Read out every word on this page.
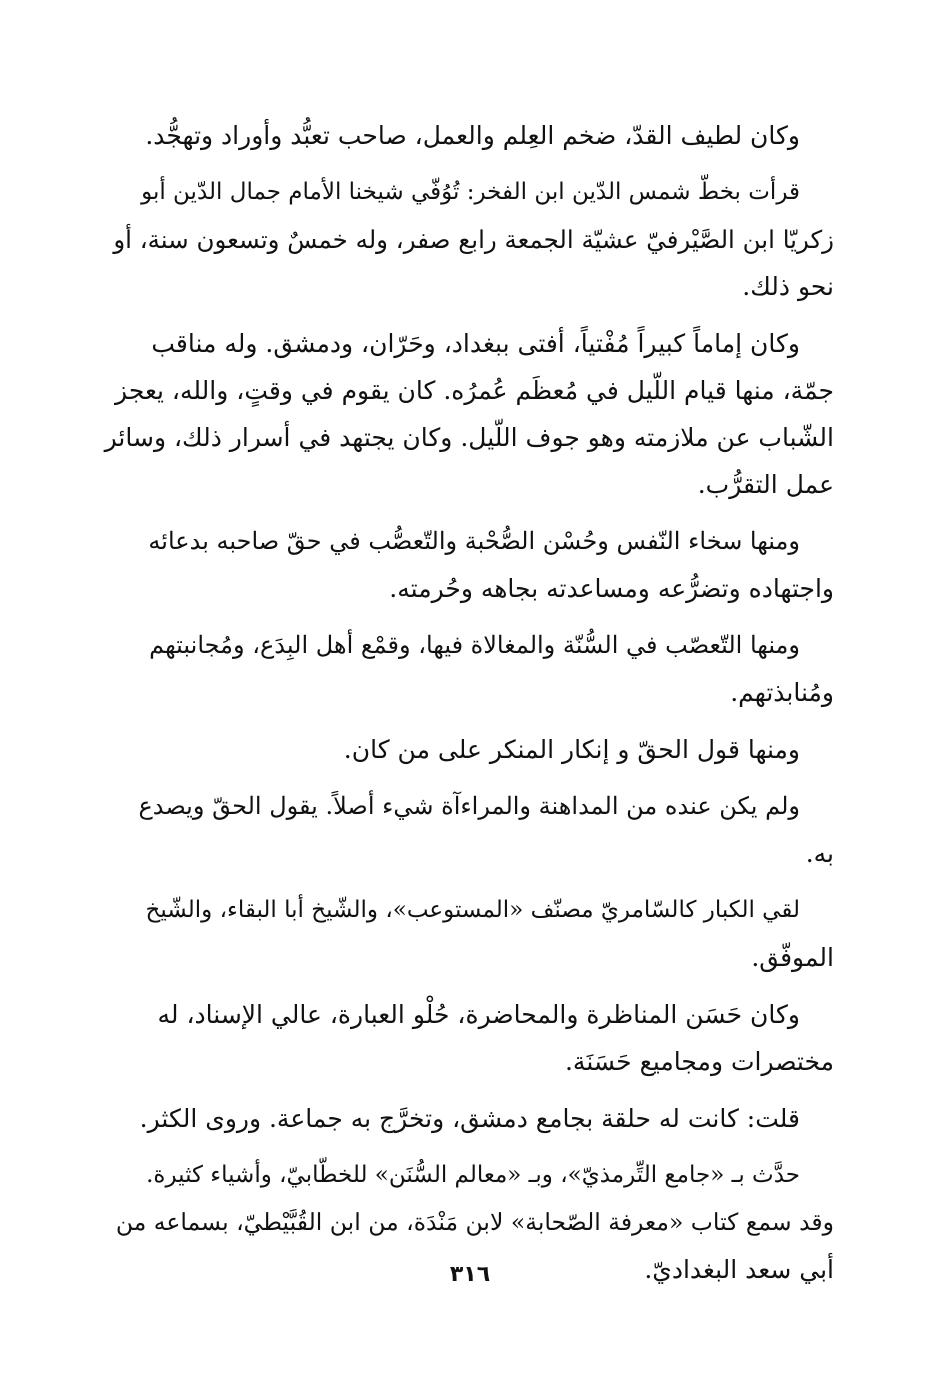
وكان لطيف القدّ، ضخم العِلم والعمل، صاحب تعبُّد وأوراد وتهجُّد.

قرأت بخطّ شمس الدّين ابن الفخر: تُوُفّي شيخنا الأمام جمال الدّين أبو
زكريّا ابن الصَّيْرفيّ عشيّة الجمعة رابع صفر، وله خمسٌ وتسعون سنة، أو
نحو ذلك.

وكان إماماً كبيراً مُفْتياً، أفتى ببغداد، وحَرّان، ودمشق. وله مناقب
جمّة، منها قيام اللّيل في مُعظَم عُمرُه. كان يقوم في وقتٍ، والله، يعجز
الشّباب عن ملازمته وهو جوف اللّيل. وكان يجتهد في أسرار ذلك، وسائر
عمل التقرُّب.

ومنها سخاء النّفس وحُسْن الصُّحْبة والتّعصُّب في حقّ صاحبه بدعائه
واجتهاده وتضرُّعه ومساعدته بجاهه وحُرمته.

ومنها التّعصّب في السُّنّة والمغالاة فيها، وقمْع أهل البِدَع، ومُجانبتهم
ومُنابذتهم.

ومنها قول الحقّ و إنكار المنكر على من كان.

ولم يكن عنده من المداهنة والمراءآة شيء أصلاً. يقول الحقّ ويصدع
به.

لقي الكبار كالسّامريّ مصنّف «المستوعب»، والشّيخ أبا البقاء، والشّيخ
الموفّق.

وكان حَسَن المناظرة والمحاضرة، حُلْو العبارة، عالي الإسناد، له
مختصرات ومجاميع حَسَنَة.

قلت: كانت له حلقة بجامع دمشق، وتخرَّج به جماعة. وروى الكثر.

حدَّث بـ «جامع التِّرمذيّ»، وبـ «معالم السُّنَن» للخطّابيّ، وأشياء كثيرة.
وقد سمع كتاب «معرفة الصّحابة» لابن مَنْدَة، من ابن القُبَّيْطيّ، بسماعه من
أبي سعد البغداديّ.

٣١٦
